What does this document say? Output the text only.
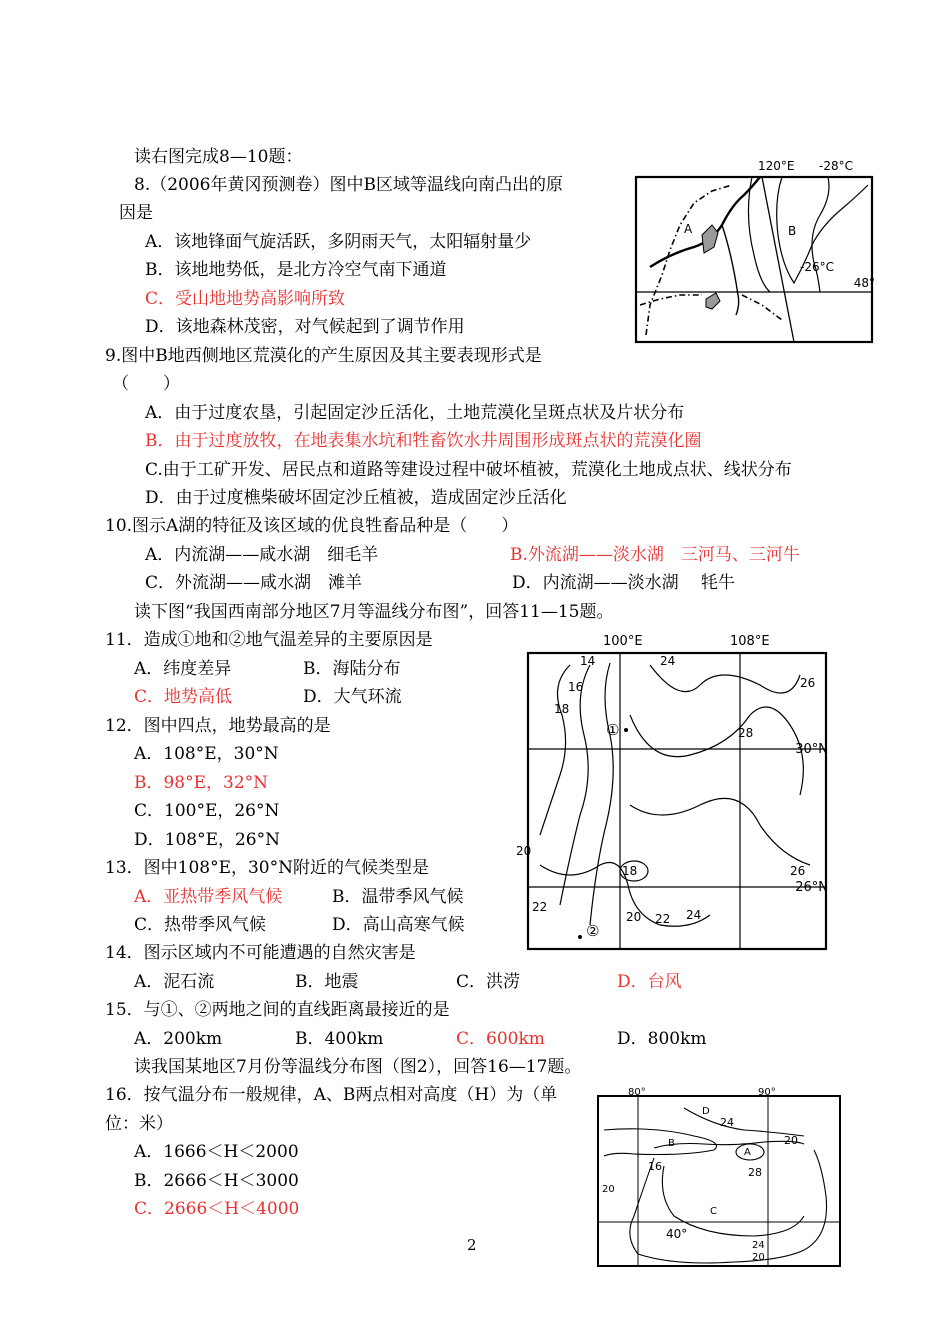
读右图完成8—10题：
8.（2006年黄冈预测卷）图中B区域等温线向南凸出的原
因是
A．该地锋面气旋活跃，多阴雨天气，太阳辐射量少
B．该地地势低，是北方冷空气南下通道
C．受山地地势高影响所致
D．该地森林茂密，对气候起到了调节作用
9.图中B地西侧地区荒漠化的产生原因及其主要表现形式是
（　　）
A．由于过度农垦，引起固定沙丘活化，土地荒漠化呈斑点状及片状分布
B．由于过度放牧，在地表集水坑和牲畜饮水井周围形成斑点状的荒漠化圈
C.由于工矿开发、居民点和道路等建设过程中破坏植被，荒漠化土地成点状、线状分布
D．由于过度樵柴破坏固定沙丘植被，造成固定沙丘活化
10.图示A湖的特征及该区域的优良牲畜品种是（　　）
A．内流湖——咸水湖　细毛羊	B.外流湖——淡水湖　三河马、三河牛
C．外流湖——咸水湖　滩羊	D．内流湖——淡水湖　 牦牛
读下图“我国西南部分地区7月等温线分布图”，回答11—15题。
11．造成①地和②地气温差异的主要原因是
A．纬度差异	B．海陆分布
C．地势高低	D．大气环流
12．图中四点，地势最高的是
A．108°E，30°N
B．98°E，32°N
C．100°E，26°N
D．108°E，26°N
13．图中108°E，30°N附近的气候类型是
A．亚热带季风气候	B．温带季风气候
C．热带季风气候	D．高山高寒气候
14．图示区域内不可能遭遇的自然灾害是
A．泥石流	B．地震	C．洪涝	D．台风
15．与①、②两地之间的直线距离最接近的是
A．200km	B．400km	C．600km	D．800km
读我国某地区7月份等温线分布图（图2），回答16—17题。
16．按气温分布一般规律，A、B两点相对高度（H）为（单
位：米）
A．1666＜H＜2000
B．2666＜H＜3000
C．2666＜H＜4000
2
120°E -28°C
-26°C
48°
A	B
100°E	108°E
30°N
26°N
①
②
14
16
18
18
20
20
22
22
24
24
26
26
28
80°	90°
D
24
20
B
A
28
16
20
C
40°
24
20
